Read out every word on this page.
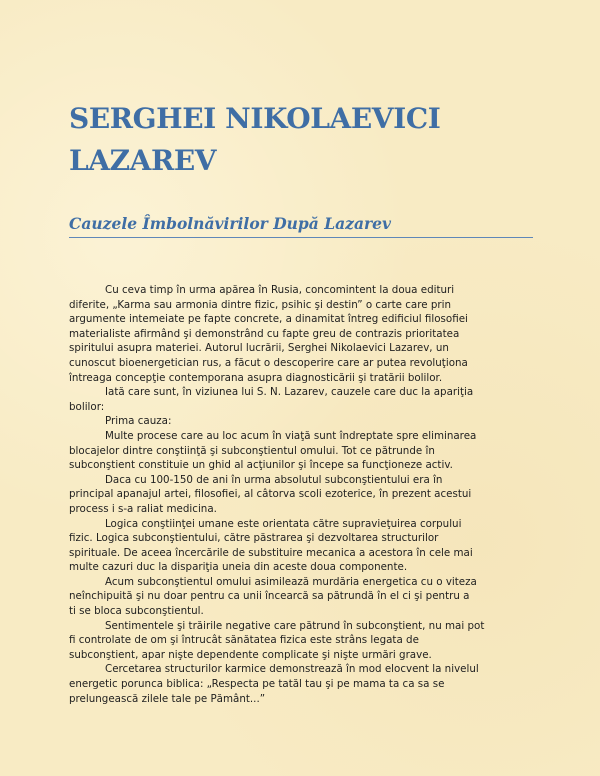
SERGHEI NIKOLAEVICI LAZAREV
Cauzele Îmbolnăvirilor După Lazarev
Cu ceva timp în urma apărea în Rusia, concomintent la doua edituri
diferite, „Karma sau armonia dintre fizic, psihic şi destin” o carte care prin
argumente intemeiate pe fapte concrete, a dinamitat întreg edificiul filosofiei
materialiste afirmând şi demonstrând cu fapte greu de contrazis prioritatea
spiritului asupra materiei. Autorul lucrării, Serghei Nikolaevici Lazarev, un
cunoscut bioenergetician rus, a făcut o descoperire care ar putea revoluţiona
întreaga concepţie contemporana asupra diagnosticării şi tratării bolilor.
Iată care sunt, în viziunea lui S. N. Lazarev, cauzele care duc la apariţia
bolilor:
Prima cauza:
Multe procese care au loc acum în viaţă sunt îndreptate spre eliminarea
blocajelor dintre conştiinţă şi subconştientul omului. Tot ce pătrunde în
subconştient constituie un ghid al acţiunilor şi începe sa funcţioneze activ.
Daca cu 100-150 de ani în urma absolutul subconştientului era în
principal apanajul artei, filosofiei, al câtorva scoli ezoterice, în prezent acestui
process i s-a raliat medicina.
Logica conştiinţei umane este orientata către supravieţuirea corpului
fizic. Logica subconştientului, către păstrarea şi dezvoltarea structurilor
spirituale. De aceea încercările de substituire mecanica a acestora în cele mai
multe cazuri duc la dispariţia uneia din aceste doua componente.
Acum subconştientul omului asimilează murdăria energetica cu o viteza
neînchipuită şi nu doar pentru ca unii încearcă sa pătrundă în el ci şi pentru a
ti se bloca subconştientul.
Sentimentele şi trăirile negative care pătrund în subconştient, nu mai pot
fi controlate de om şi întrucât sănătatea fizica este strâns legata de
subconştient, apar nişte dependente complicate şi nişte urmări grave.
Cercetarea structurilor karmice demonstrează în mod elocvent la nivelul
energetic porunca biblica: „Respecta pe tatăl tau şi pe mama ta ca sa se
prelungească zilele tale pe Pământ...”
